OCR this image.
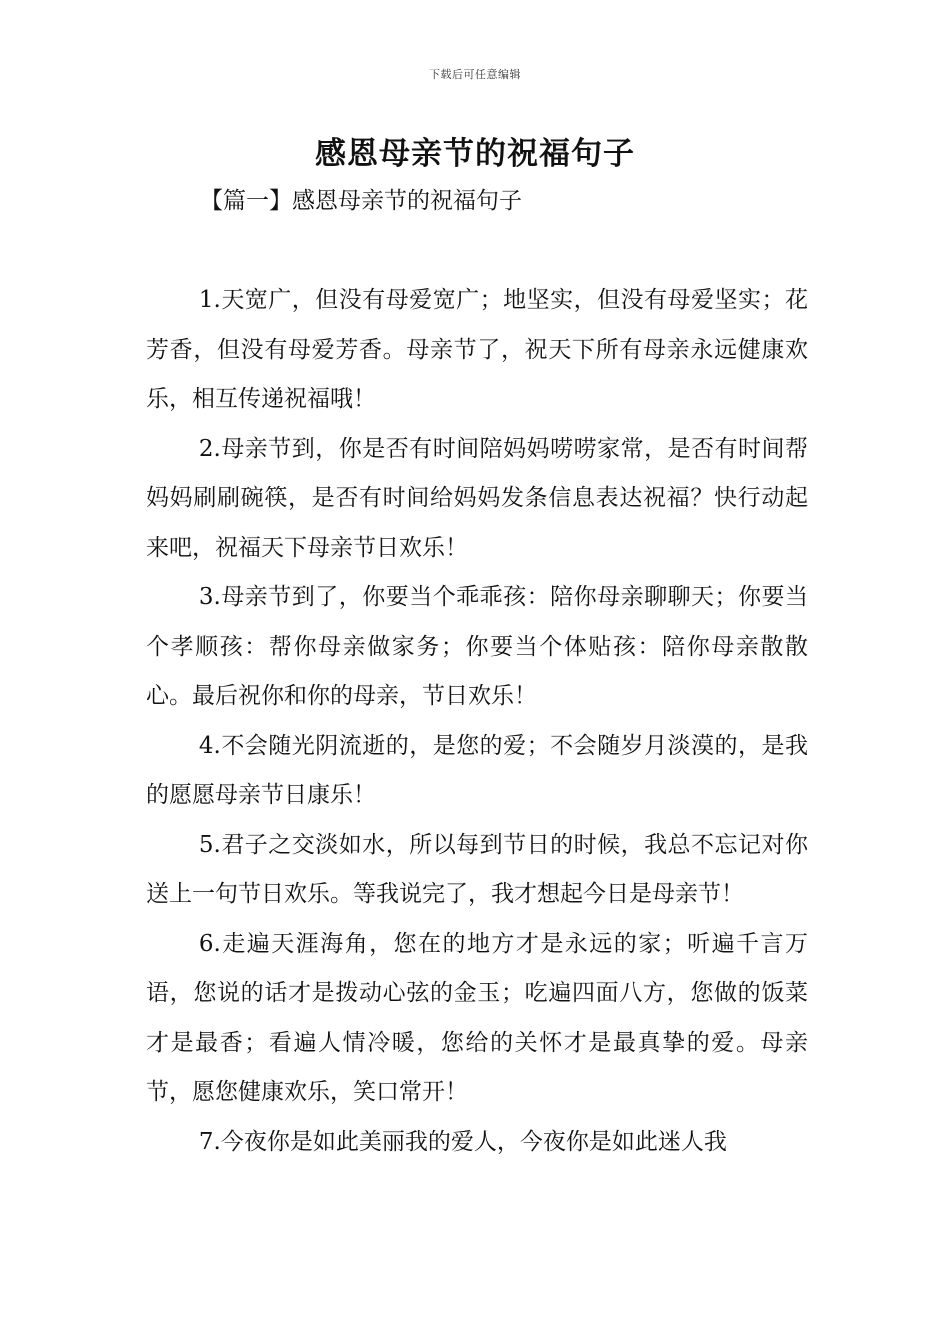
下载后可任意编辑
感恩母亲节的祝福句子
【篇一】感恩母亲节的祝福句子

1.天宽广，但没有母爱宽广；地坚实，但没有母爱坚实；花芳香，但没有母爱芳香。母亲节了，祝天下所有母亲永远健康欢乐，相互传递祝福哦！

2.母亲节到，你是否有时间陪妈妈唠唠家常，是否有时间帮妈妈刷刷碗筷，是否有时间给妈妈发条信息表达祝福？快行动起来吧，祝福天下母亲节日欢乐！

3.母亲节到了，你要当个乖乖孩：陪你母亲聊聊天；你要当个孝顺孩：帮你母亲做家务；你要当个体贴孩：陪你母亲散散心。最后祝你和你的母亲，节日欢乐！

4.不会随光阴流逝的，是您的爱；不会随岁月淡漠的，是我的愿愿母亲节日康乐！

5.君子之交淡如水，所以每到节日的时候，我总不忘记对你送上一句节日欢乐。等我说完了，我才想起今日是母亲节！

6.走遍天涯海角，您在的地方才是永远的家；听遍千言万语，您说的话才是拨动心弦的金玉；吃遍四面八方，您做的饭菜才是最香；看遍人情冷暖，您给的关怀才是最真挚的爱。母亲节，愿您健康欢乐，笑口常开！

7.今夜你是如此美丽我的爱人，今夜你是如此迷人我
